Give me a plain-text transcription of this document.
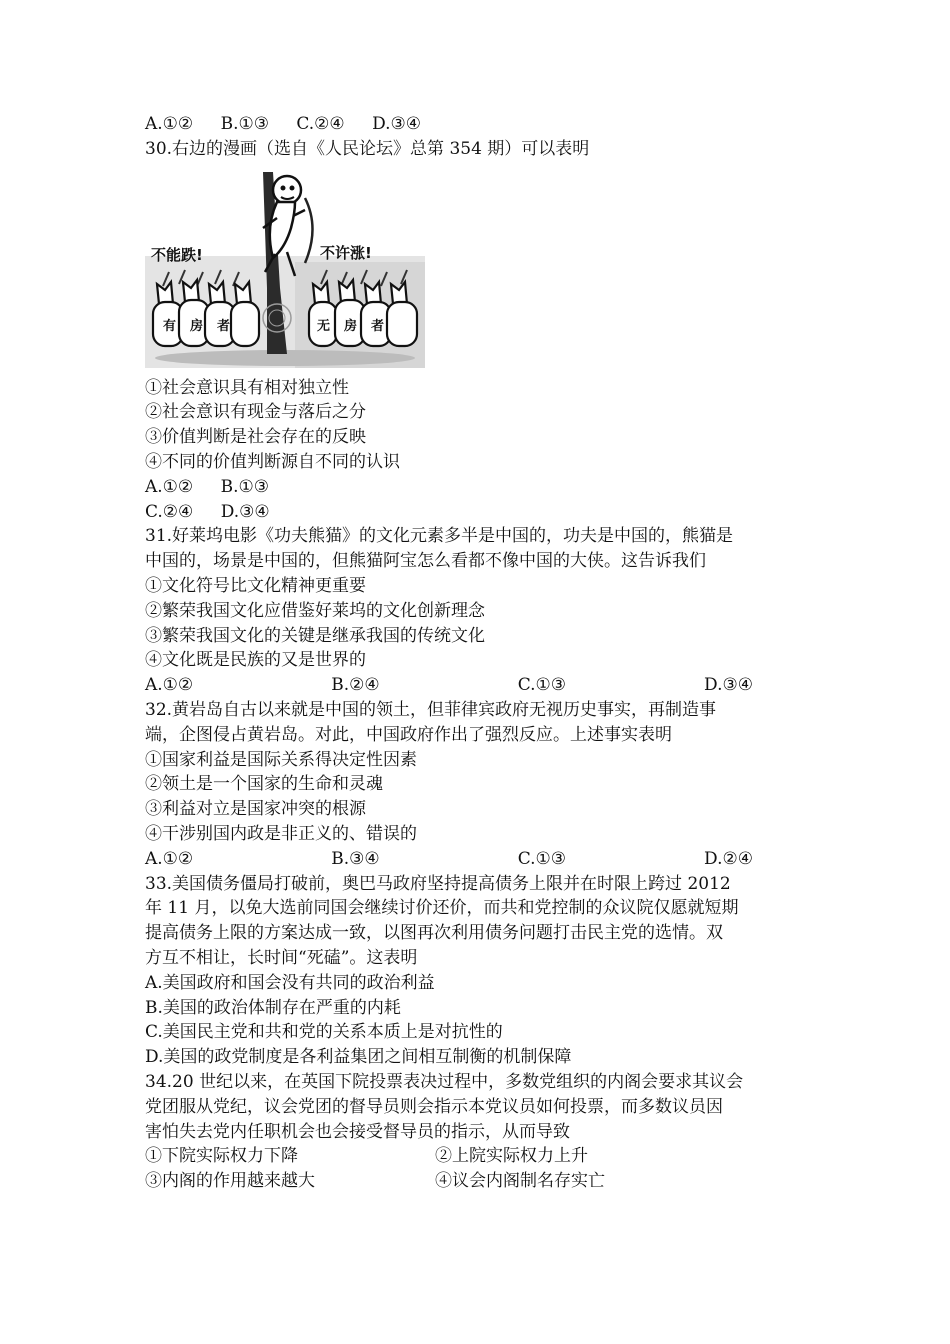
A.①② B.①③ C.②④ D.③④
30.右边的漫画（选自《人民论坛》总第 354 期）可以表明
不能跌!	不许涨!
有房者	无房者
①社会意识具有相对独立性
②社会意识有现金与落后之分
③价值判断是社会存在的反映
④不同的价值判断源自不同的认识
A.①② B.①③
C.②④ D.③④
31.好莱坞电影《功夫熊猫》的文化元素多半是中国的，功夫是中国的，熊猫是
中国的，场景是中国的，但熊猫阿宝怎么看都不像中国的大侠。这告诉我们
①文化符号比文化精神更重要
②繁荣我国文化应借鉴好莱坞的文化创新理念
③繁荣我国文化的关键是继承我国的传统文化
④文化既是民族的又是世界的
A.①②	B.②④	C.①③	D.③④
32.黄岩岛自古以来就是中国的领土，但菲律宾政府无视历史事实，再制造事
端，企图侵占黄岩岛。对此，中国政府作出了强烈反应。上述事实表明
①国家利益是国际关系得决定性因素
②领土是一个国家的生命和灵魂
③利益对立是国家冲突的根源
④干涉别国内政是非正义的、错误的
A.①②	B.③④	C.①③	D.②④
33.美国债务僵局打破前，奥巴马政府坚持提高债务上限并在时限上跨过 2012
年 11 月，以免大选前同国会继续讨价还价，而共和党控制的众议院仅愿就短期
提高债务上限的方案达成一致，以图再次利用债务问题打击民主党的选情。双
方互不相让，长时间“死磕”。这表明
A.美国政府和国会没有共同的政治利益
B.美国的政治体制存在严重的内耗
C.美国民主党和共和党的关系本质上是对抗性的
D.美国的政党制度是各利益集团之间相互制衡的机制保障
34.20 世纪以来，在英国下院投票表决过程中，多数党组织的内阁会要求其议会
党团服从党纪，议会党团的督导员则会指示本党议员如何投票，而多数议员因
害怕失去党内任职机会也会接受督导员的指示，从而导致
①下院实际权力下降	②上院实际权力上升
③内阁的作用越来越大	④议会内阁制名存实亡
